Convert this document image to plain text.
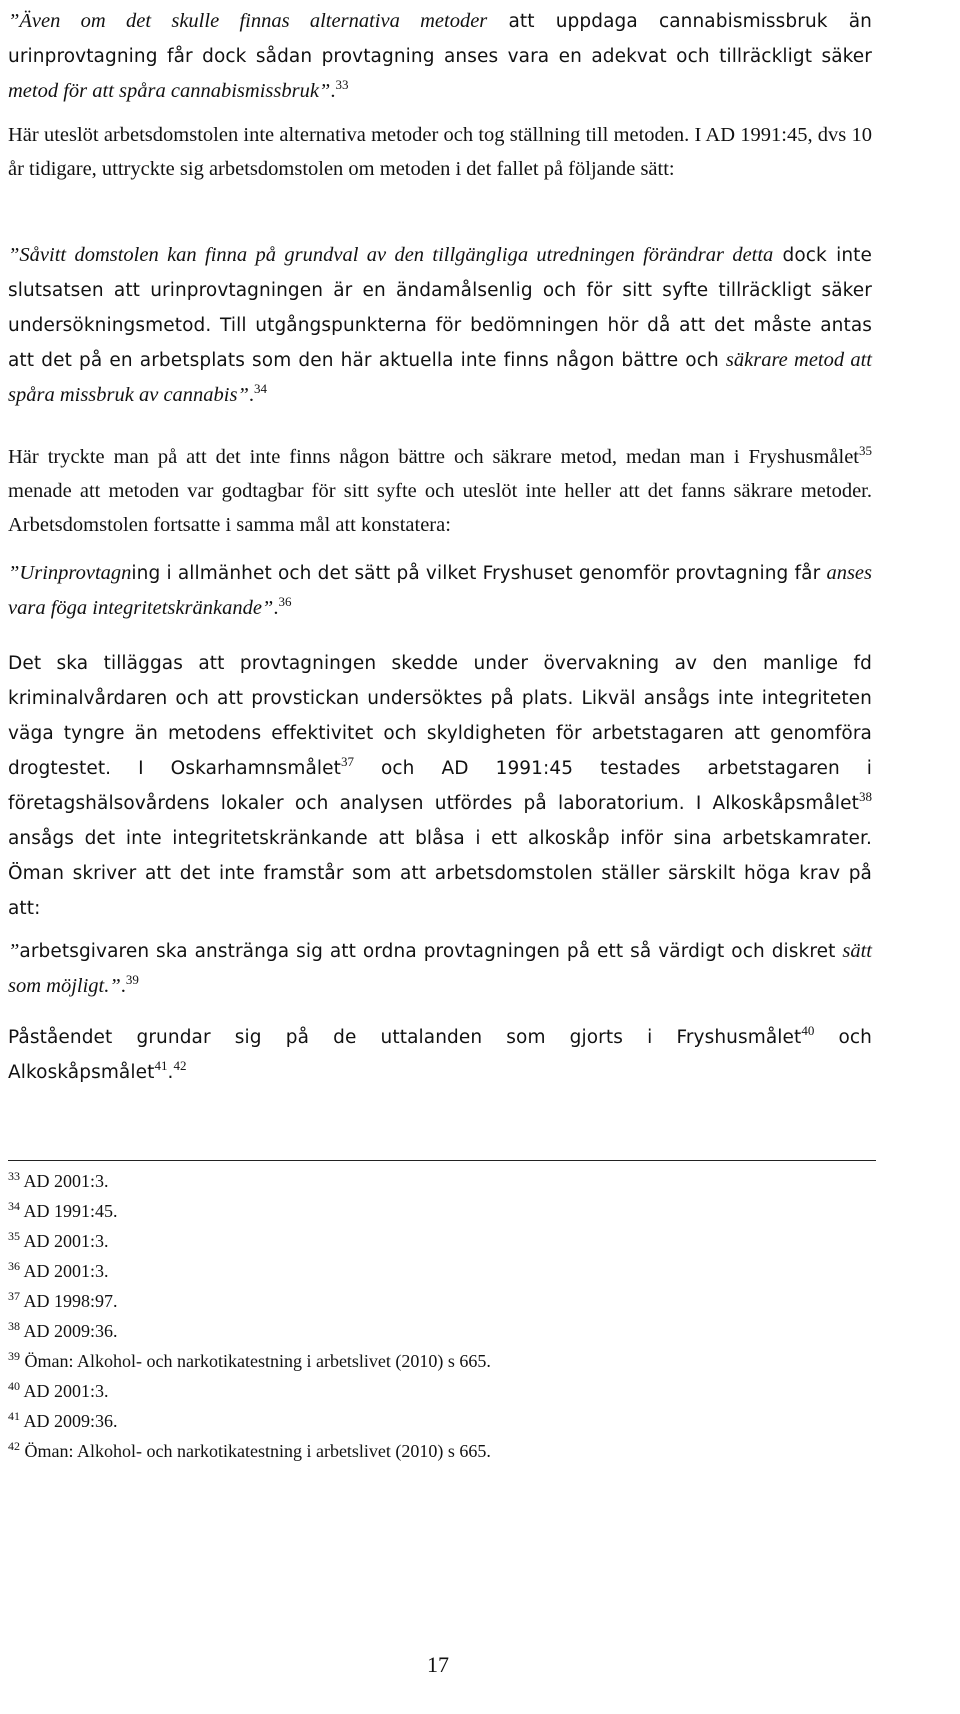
”Även om det skulle finnas alternativa metoder att uppdaga cannabismissbruk än urinprovtagning får dock sådan provtagning anses vara en adekvat och tillräckligt säker metod för att spåra cannabismissbruk”.$^{33}$

Här uteslöt arbetsdomstolen inte alternativa metoder och tog ställning till metoden. I AD 1991:45, dvs 10 år tidigare, uttryckte sig arbetsdomstolen om metoden i det fallet på följande sätt:

”Såvitt domstolen kan finna på grundval av den tillgängliga utredningen förändrar detta dock inte slutsatsen att urinprovtagningen är en ändamålsenlig och för sitt syfte tillräckligt säker undersökningsmetod. Till utgångspunkterna för bedömningen hör då att det måste antas att det på en arbetsplats som den här aktuella inte finns någon bättre och säkrare metod att spåra missbruk av cannabis”.$^{34}$

Här tryckte man på att det inte finns någon bättre och säkrare metod, medan man i Fryshusmålet$^{35}$ menade att metoden var godtagbar för sitt syfte och uteslöt inte heller att det fanns säkrare metoder. Arbetsdomstolen fortsatte i samma mål att konstatera:

”Urinprovtagning i allmänhet och det sätt på vilket Fryshuset genomför provtagning får anses vara föga integritetskränkande”.$^{36}$

Det ska tilläggas att provtagningen skedde under övervakning av den manlige fd kriminalvårdaren och att provstickan undersöktes på plats. Likväl ansågs inte integriteten väga tyngre än metodens effektivitet och skyldigheten för arbetstagaren att genomföra drogtestet. I Oskarhamnsmålet$^{37}$ och AD 1991:45 testades arbetstagaren i företagshälsovårdens lokaler och analysen utfördes på laboratorium. I Alkoskåpsmålet$^{38}$ ansågs det inte integritetskränkande att blåsa i ett alkoskåp inför sina arbetskamrater. Öman skriver att det inte framstår som att arbetsdomstolen ställer särskilt höga krav på att:

”arbetsgivaren ska anstränga sig att ordna provtagningen på ett så värdigt och diskret sätt som möjligt.”.$^{39}$

Påståendet grundar sig på de uttalanden som gjorts i Fryshusmålet$^{40}$ och Alkoskåpsmålet$^{41}$.$^{42}$

$^{33}$ AD 2001:3.

$^{34}$ AD 1991:45.

$^{35}$ AD 2001:3.

$^{36}$ AD 2001:3.

$^{37}$ AD 1998:97.

$^{38}$ AD 2009:36.

$^{39}$ Öman: Alkohol- och narkotikatestning i arbetslivet (2010) s 665.

$^{40}$ AD 2001:3.

$^{41}$ AD 2009:36.

$^{42}$ Öman: Alkohol- och narkotikatestning i arbetslivet (2010) s 665.

17
